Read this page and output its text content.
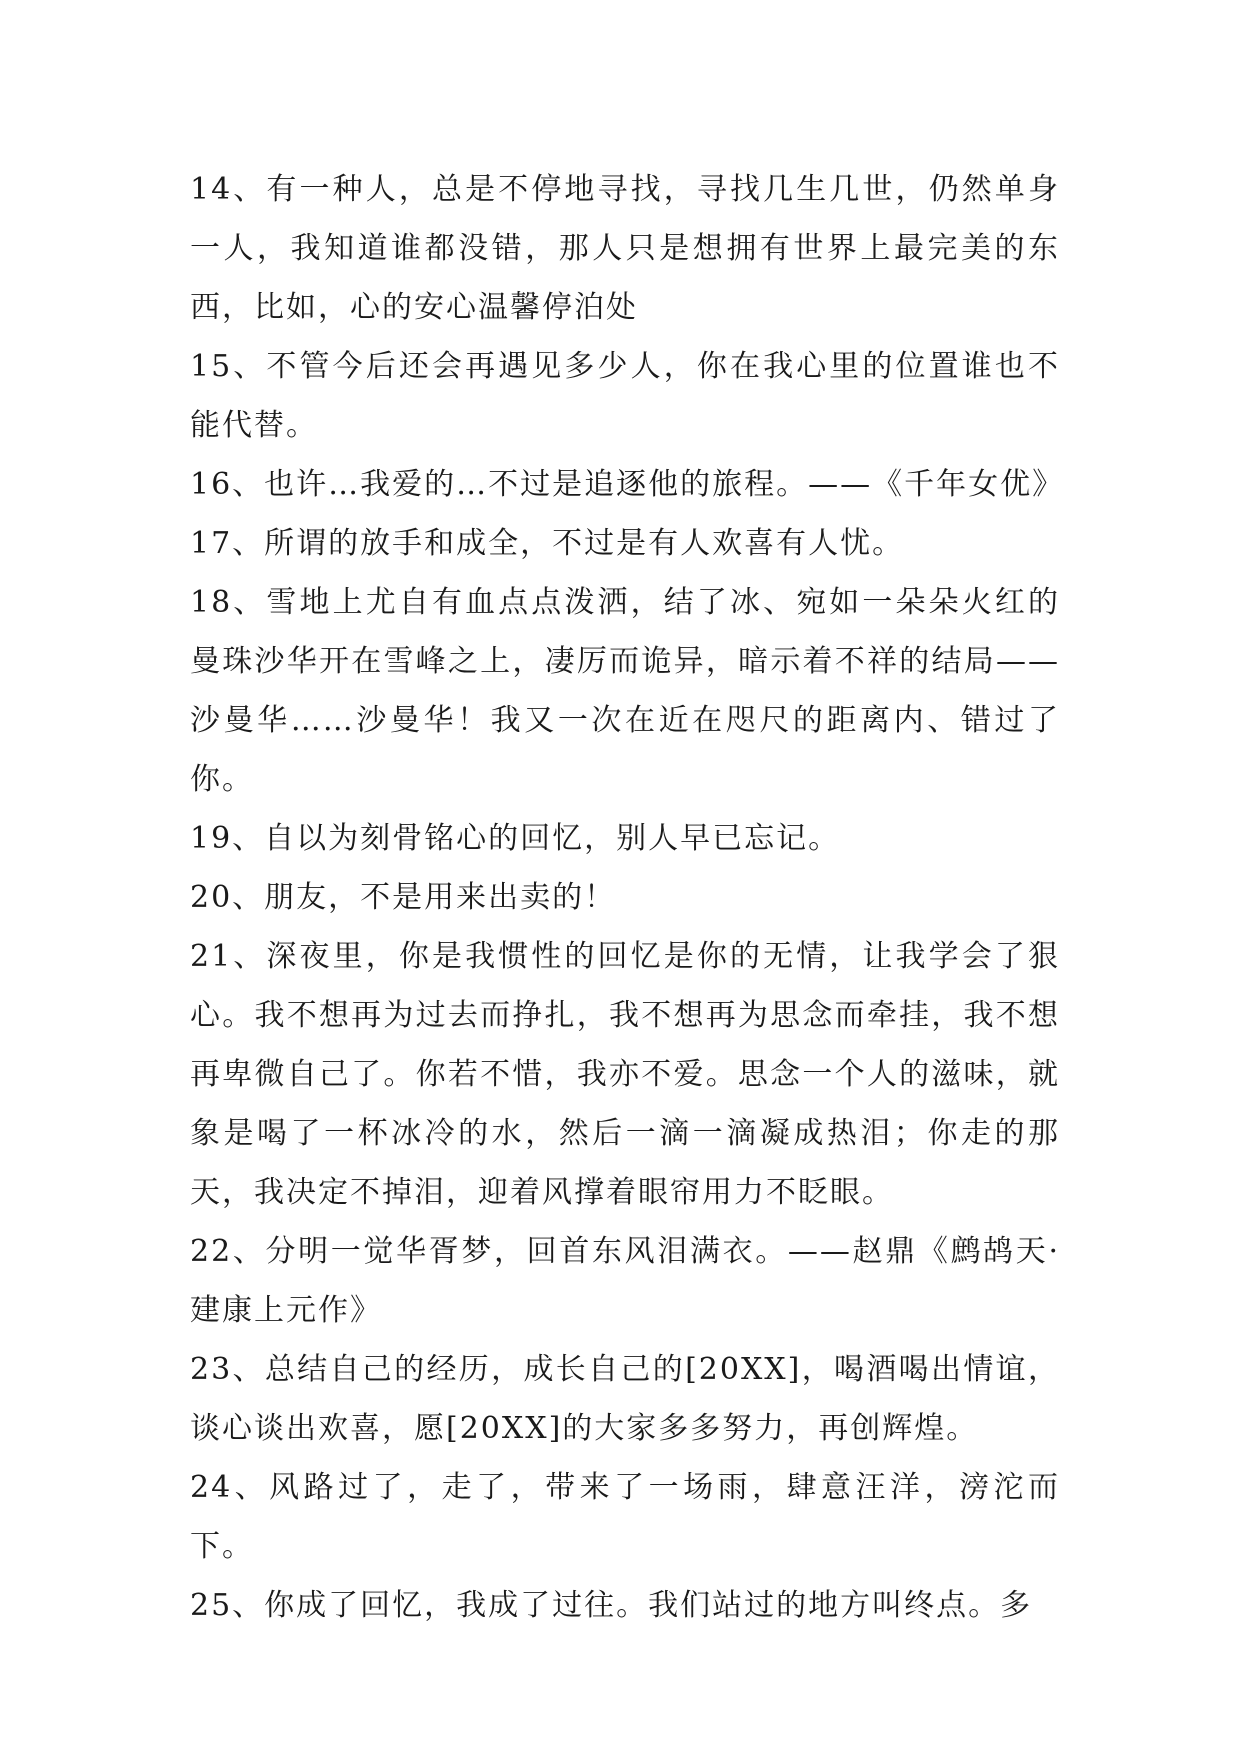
14、有一种人，总是不停地寻找，寻找几生几世，仍然单身一人，我知道谁都没错，那人只是想拥有世界上最完美的东西，比如，心的安心温馨停泊处

15、不管今后还会再遇见多少人，你在我心里的位置谁也不能代替。

16、也许…我爱的…不过是追逐他的旅程。——《千年女优》

17、所谓的放手和成全，不过是有人欢喜有人忧。

18、雪地上尤自有血点点泼洒，结了冰、宛如一朵朵火红的曼珠沙华开在雪峰之上，凄厉而诡异，暗示着不祥的结局——沙曼华……沙曼华！我又一次在近在咫尺的距离内、错过了你。

19、自以为刻骨铭心的回忆，别人早已忘记。

20、朋友，不是用来出卖的！

21、深夜里，你是我惯性的回忆是你的无情，让我学会了狠心。我不想再为过去而挣扎，我不想再为思念而牵挂，我不想再卑微自己了。你若不惜，我亦不爱。思念一个人的滋味，就象是喝了一杯冰冷的水，然后一滴一滴凝成热泪；你走的那天，我决定不掉泪，迎着风撑着眼帘用力不眨眼。

22、分明一觉华胥梦，回首东风泪满衣。——赵鼎《鹧鸪天·建康上元作》

23、总结自己的经历，成长自己的[20XX]，喝酒喝出情谊，谈心谈出欢喜，愿[20XX]的大家多多努力，再创辉煌。

24、风路过了，走了，带来了一场雨，肆意汪洋，滂沱而下。

25、你成了回忆，我成了过往。我们站过的地方叫终点。多
